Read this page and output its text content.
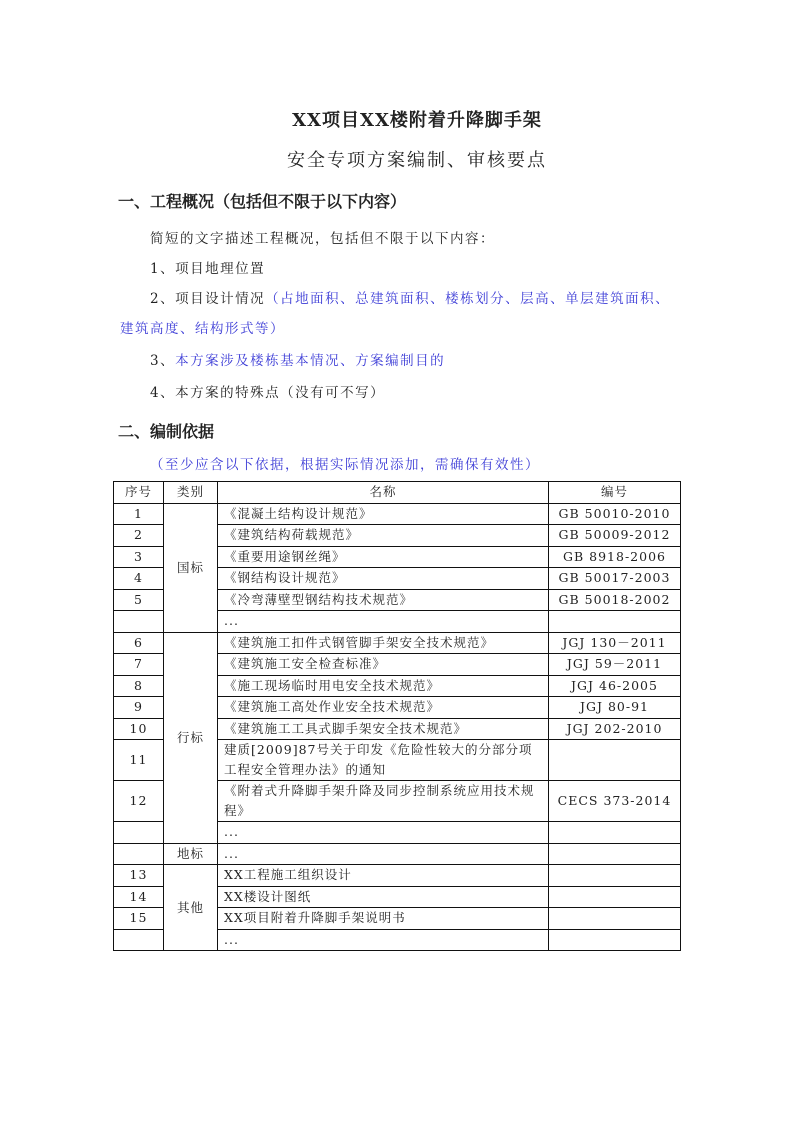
XX项目XX楼附着升降脚手架
安全专项方案编制、审核要点
一、工程概况（包括但不限于以下内容）
简短的文字描述工程概况，包括但不限于以下内容：
1、项目地理位置
2、项目设计情况（占地面积、总建筑面积、楼栋划分、层高、单层建筑面积、建筑高度、结构形式等）
3、本方案涉及楼栋基本情况、方案编制目的
4、本方案的特殊点（没有可不写）
二、编制依据
（至少应含以下依据，根据实际情况添加，需确保有效性）
序号	类别	名称	编号
1	国标	《混凝土结构设计规范》	GB 50010-2010
2		《建筑结构荷载规范》	GB 50009-2012
3		《重要用途钢丝绳》	GB 8918-2006
4		《钢结构设计规范》	GB 50017-2003
5		《冷弯薄壁型钢结构技术规范》	GB 50018-2002
		...	
6	行标	《建筑施工扣件式钢管脚手架安全技术规范》	JGJ 130－2011
7		《建筑施工安全检查标准》	JGJ 59－2011
8		《施工现场临时用电安全技术规范》	JGJ 46-2005
9		《建筑施工高处作业安全技术规范》	JGJ 80-91
10		《建筑施工工具式脚手架安全技术规范》	JGJ 202-2010
11		建质[2009]87号关于印发《危险性较大的分部分项工程安全管理办法》的通知	
12		《附着式升降脚手架升降及同步控制系统应用技术规程》	CECS 373-2014
		...	
	地标	...	
13	其他	XX工程施工组织设计	
14		XX楼设计图纸	
15		XX项目附着升降脚手架说明书	
		...	
